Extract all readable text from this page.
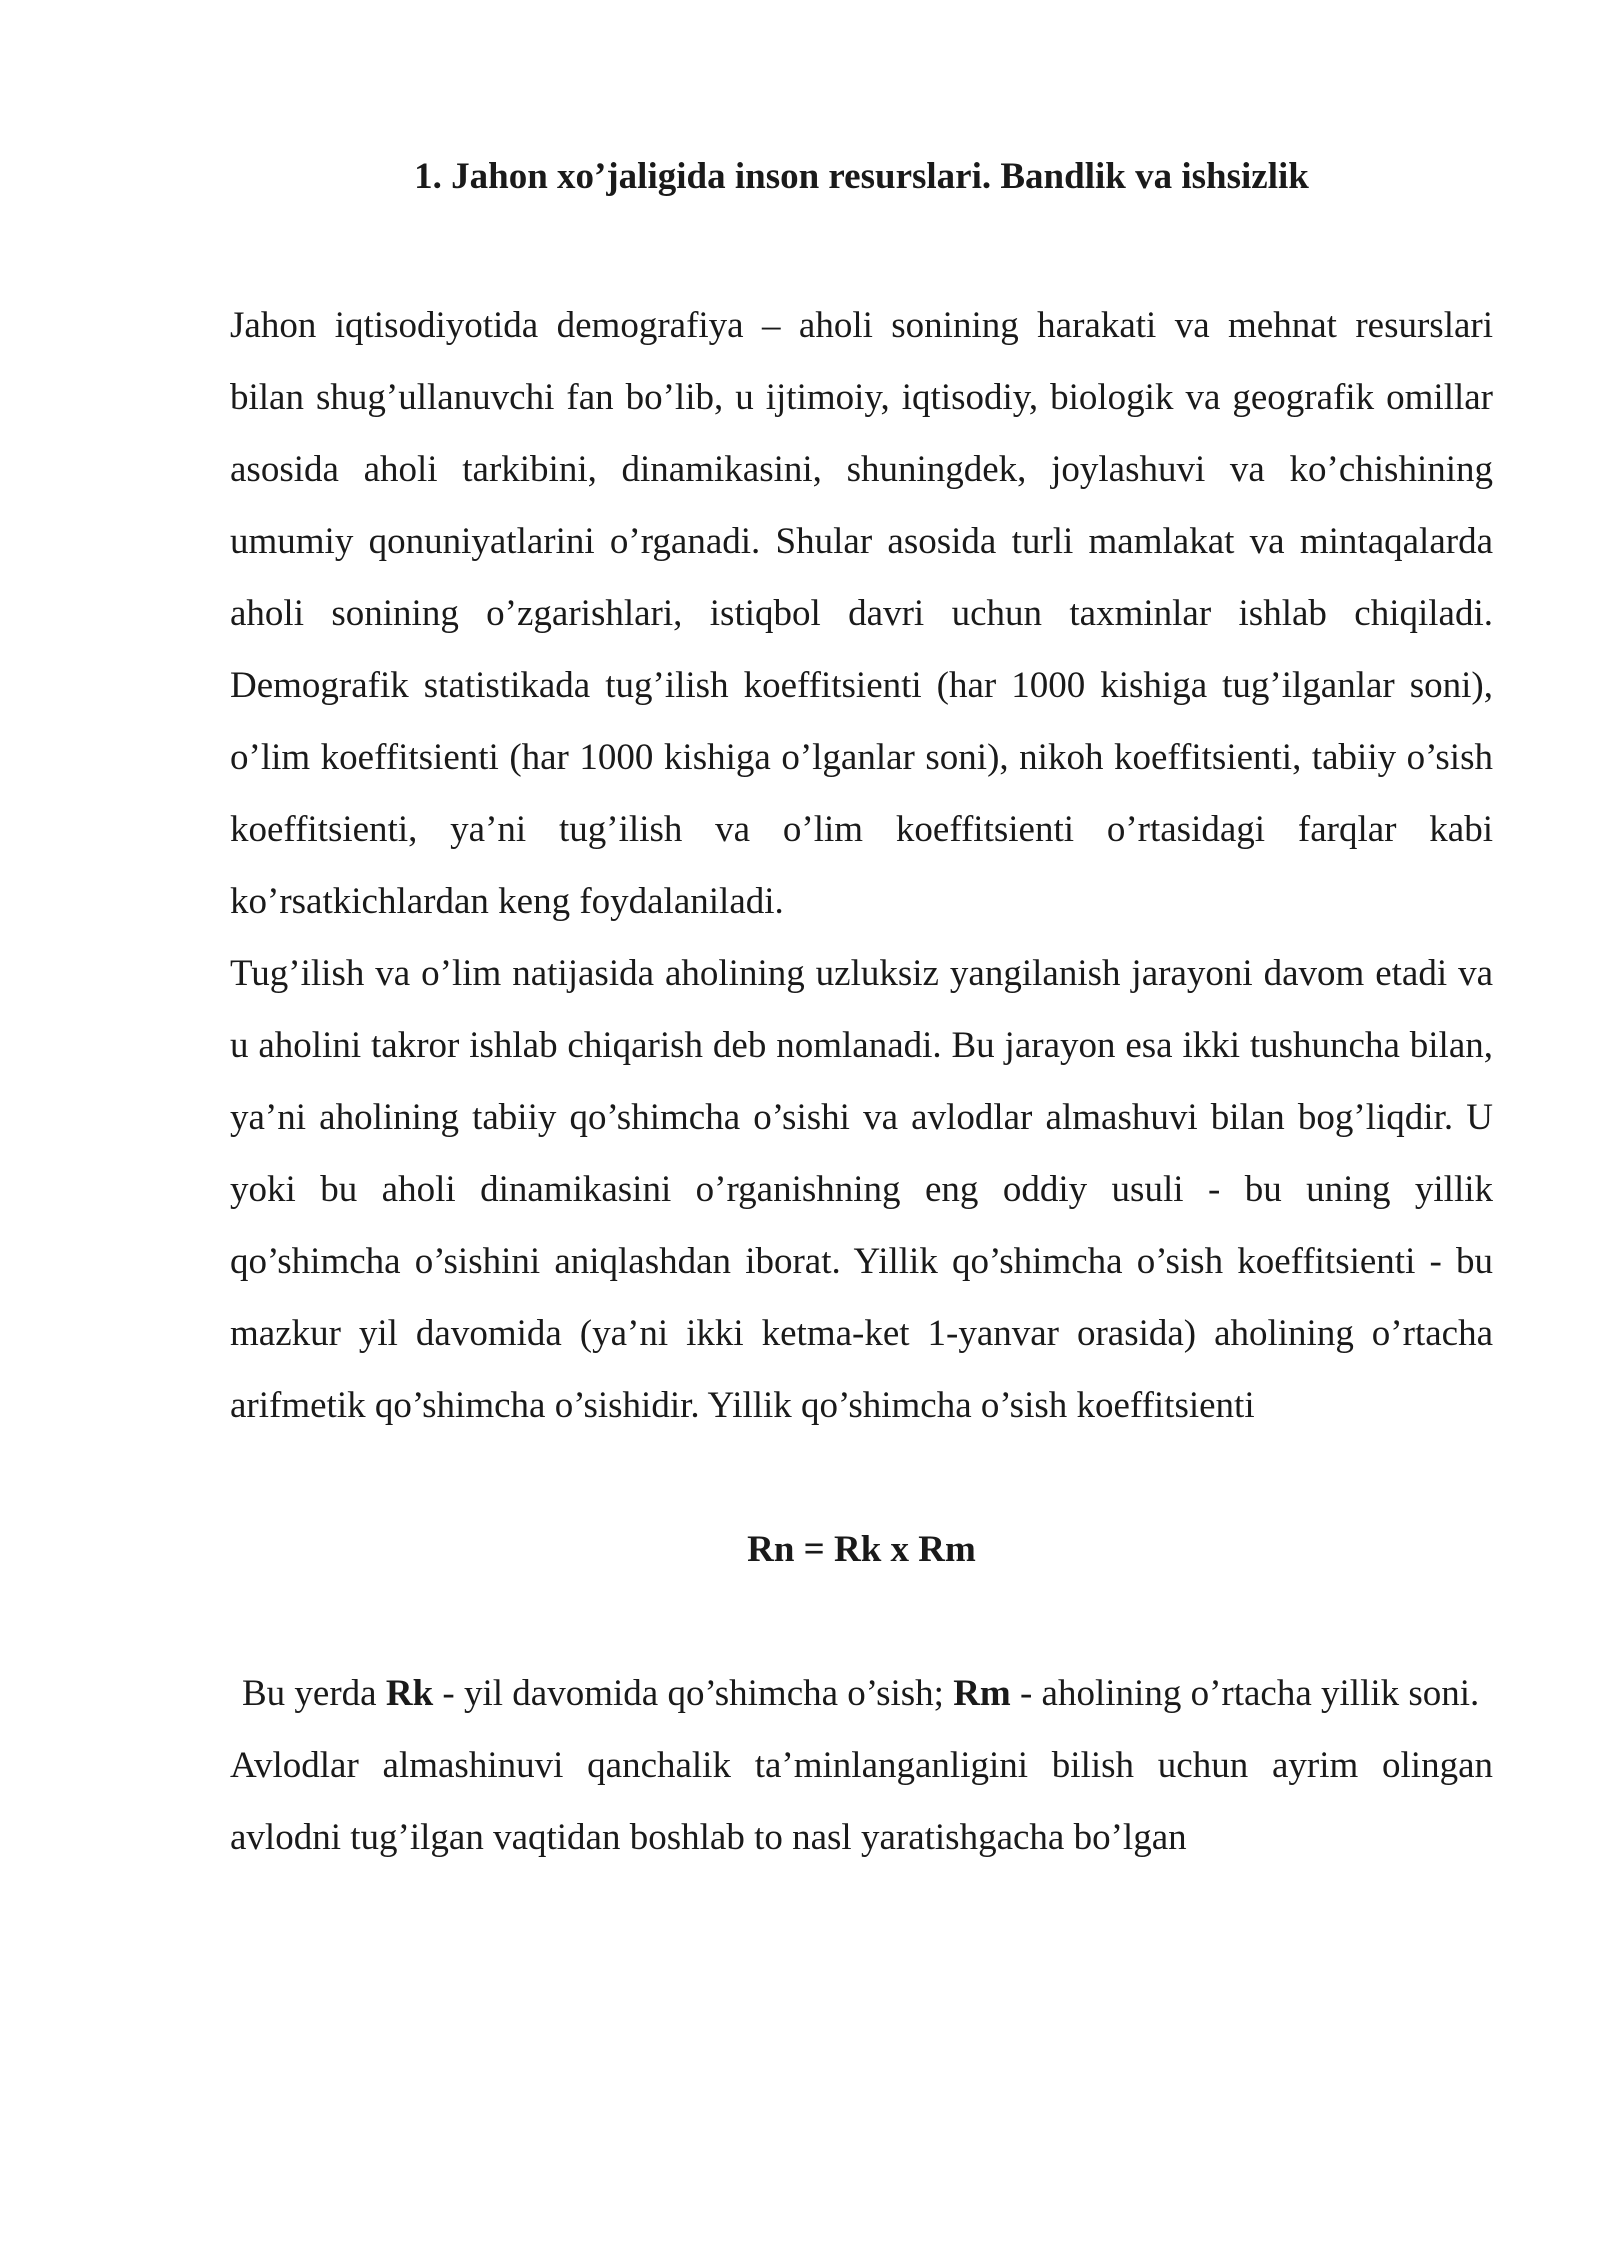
1. Jahon xo’jaligida inson resurslari. Bandlik va ishsizlik

Jahon iqtisodiyotida demografiya – aholi sonining harakati va mehnat resurslari bilan shug’ullanuvchi fan bo’lib, u ijtimoiy, iqtisodiy, biologik va geografik omillar asosida aholi tarkibini, dinamikasini, shuningdek, joylashuvi va ko’chishining umumiy qonuniyatlarini o’rganadi. Shular asosida turli mamlakat va mintaqalarda aholi sonining o’zgarishlari, istiqbol davri uchun taxminlar ishlab chiqiladi. Demografik statistikada tug’ilish koeffitsienti (har 1000 kishiga tug’ilganlar soni), o’lim koeffitsienti (har 1000 kishiga o’lganlar soni), nikoh koeffitsienti, tabiiy o’sish koeffitsienti, ya’ni tug’ilish va o’lim koeffitsienti o’rtasidagi farqlar kabi ko’rsatkichlardan keng foydalaniladi.

Tug’ilish va o’lim natijasida aholining uzluksiz yangilanish jarayoni davom etadi va u aholini takror ishlab chiqarish deb nomlanadi. Bu jarayon esa ikki tushuncha bilan, ya’ni aholining tabiiy qo’shimcha o’sishi va avlodlar almashuvi bilan bog’liqdir. U yoki bu aholi dinamikasini o’rganishning eng oddiy usuli - bu uning yillik qo’shimcha o’sishini aniqlashdan iborat. Yillik qo’shimcha o’sish koeffitsienti - bu mazkur yil davomida (ya’ni ikki ketma-ket 1-yanvar orasida) aholining o’rtacha arifmetik qo’shimcha o’sishidir. Yillik qo’shimcha o’sish koeffitsienti

Rn = Rk x Rm

Bu yerda Rk - yil davomida qo’shimcha o’sish; Rm - aholining o’rtacha yillik soni.

Avlodlar almashinuvi qanchalik ta’minlanganligini bilish uchun ayrim olingan avlodni tug’ilgan vaqtidan boshlab to nasl yaratishgacha bo’lgan
